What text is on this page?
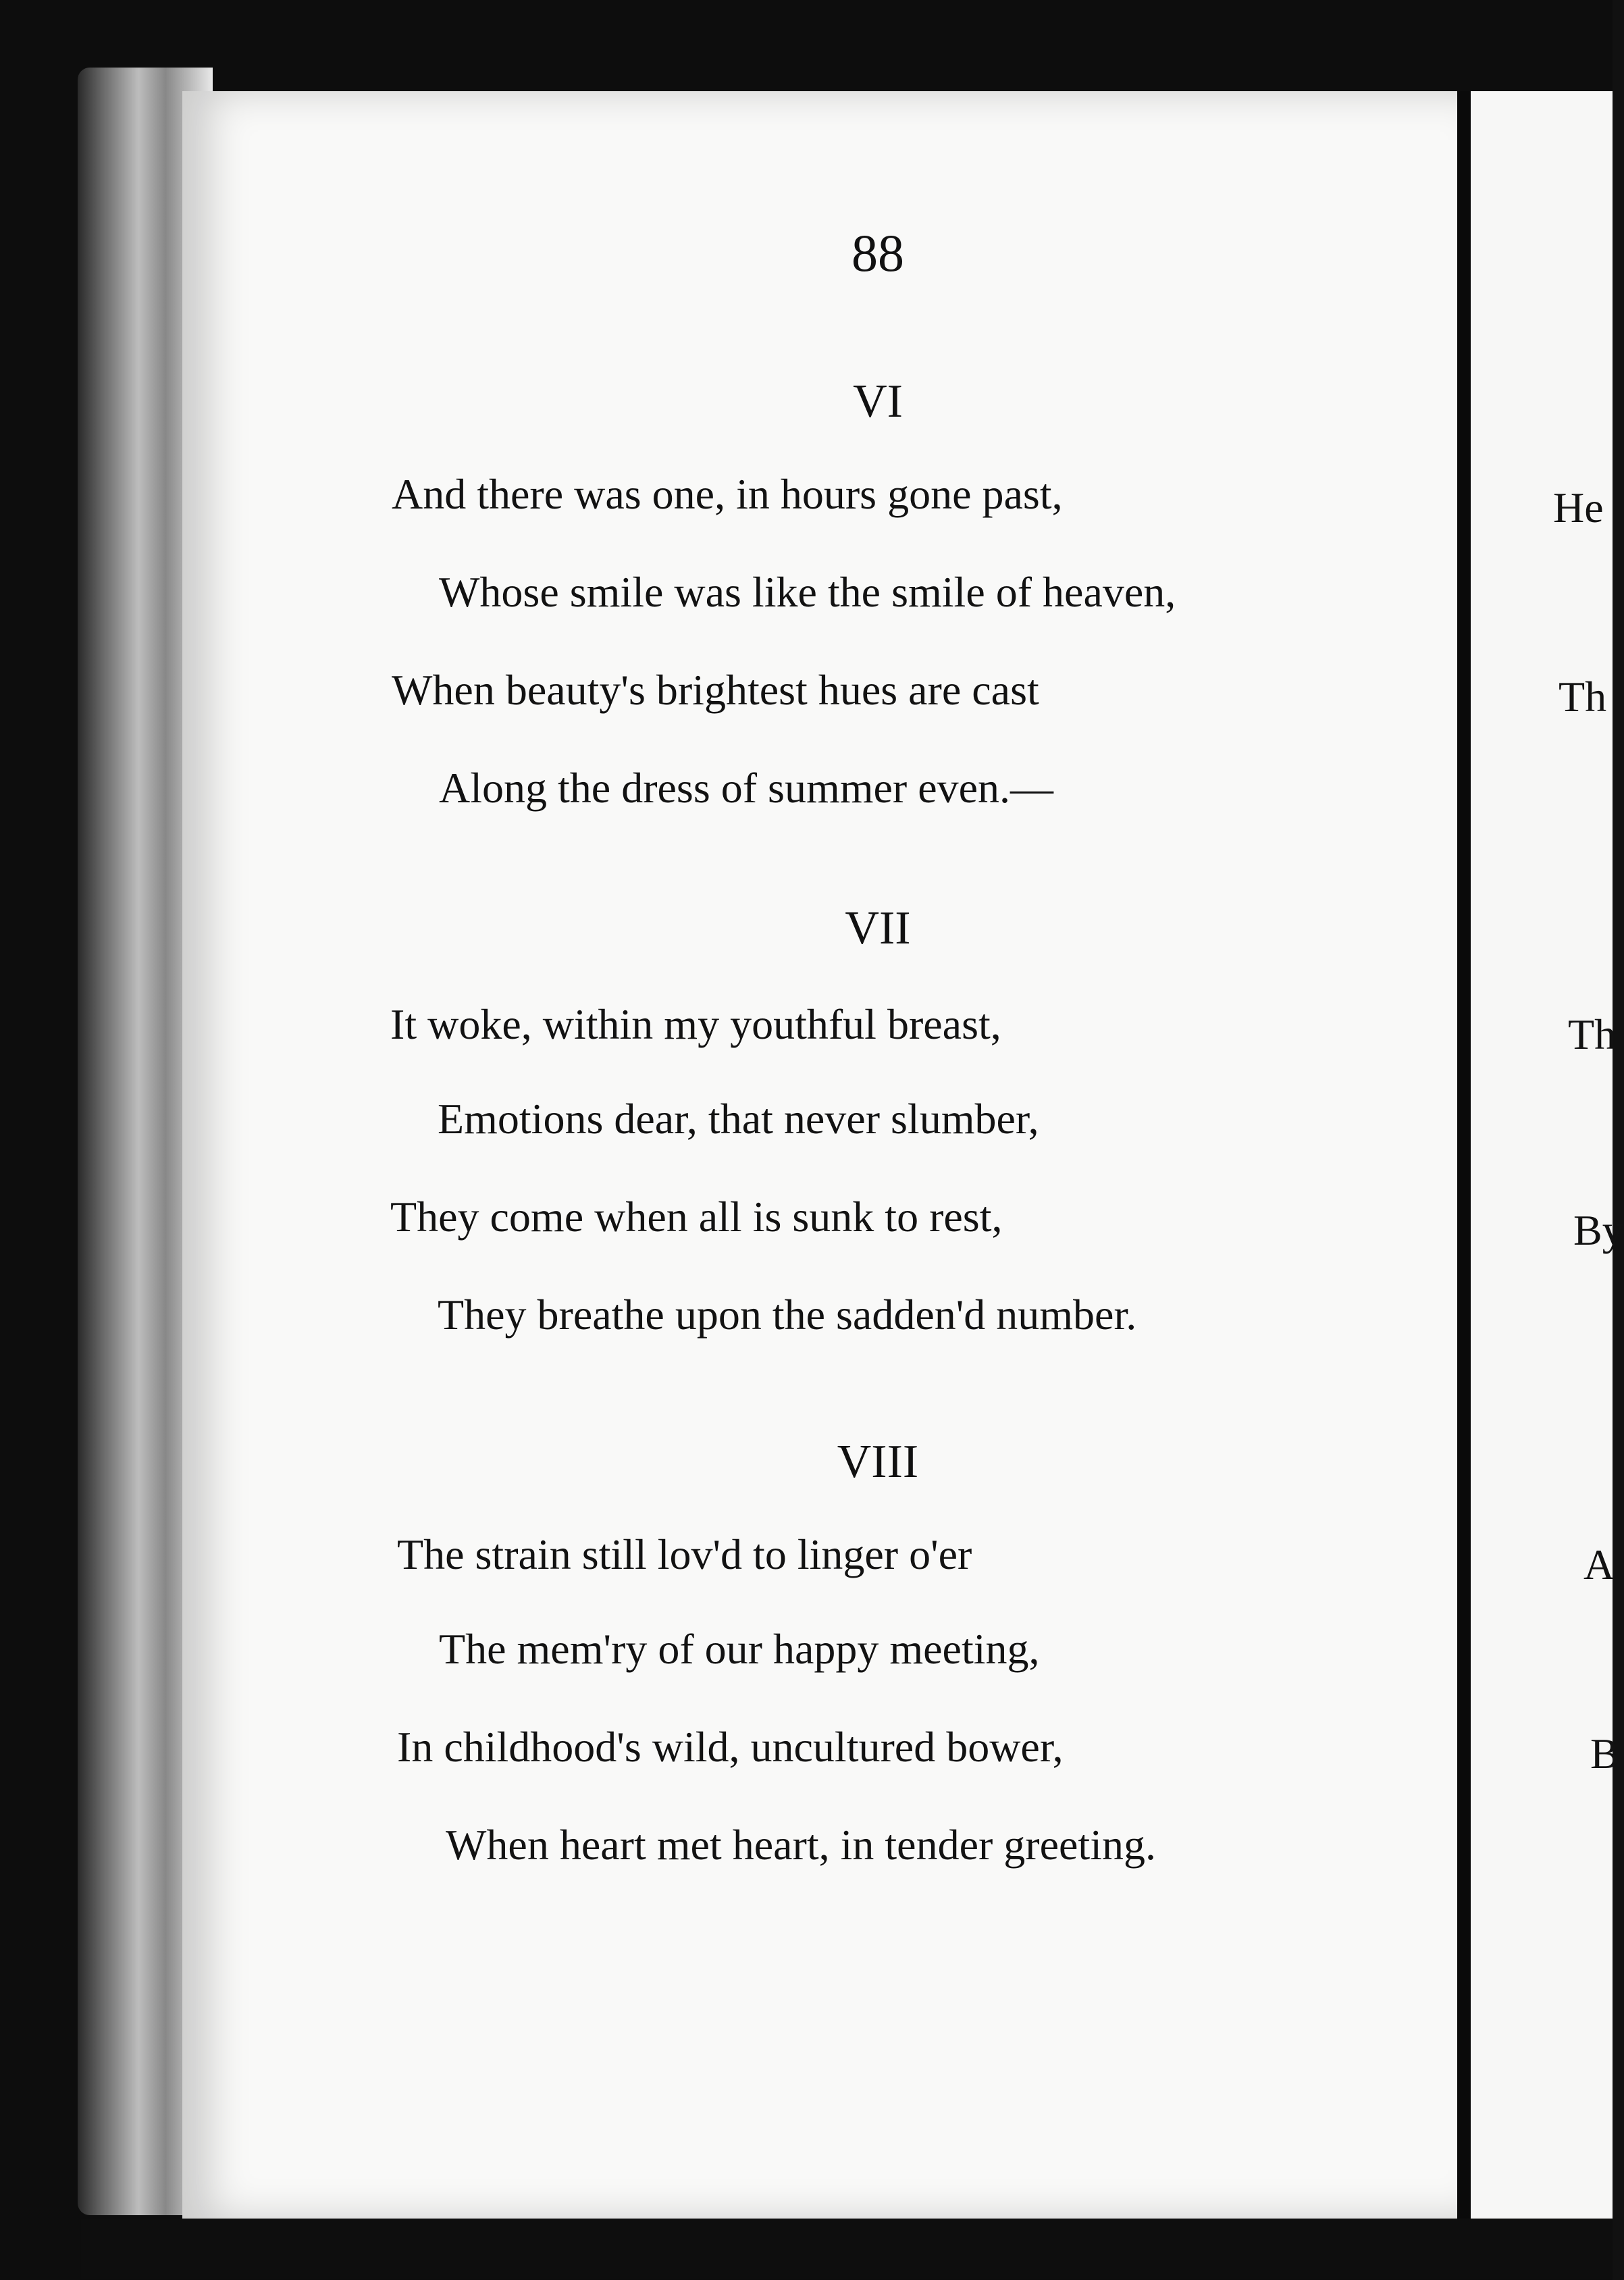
88
VI
And there was one, in hours gone past,
Whose smile was like the smile of heaven,
When beauty's brightest hues are cast
Along the dress of summer even.—
VII
It woke, within my youthful breast,
Emotions dear, that never slumber,
They come when all is sunk to rest,
They breathe upon the sadden'd number.
VIII
The strain still lov'd to linger o'er
The mem'ry of our happy meeting,
In childhood's wild, uncultured bower,
When heart met heart, in tender greeting.
He
Th
Th
By
A
B
